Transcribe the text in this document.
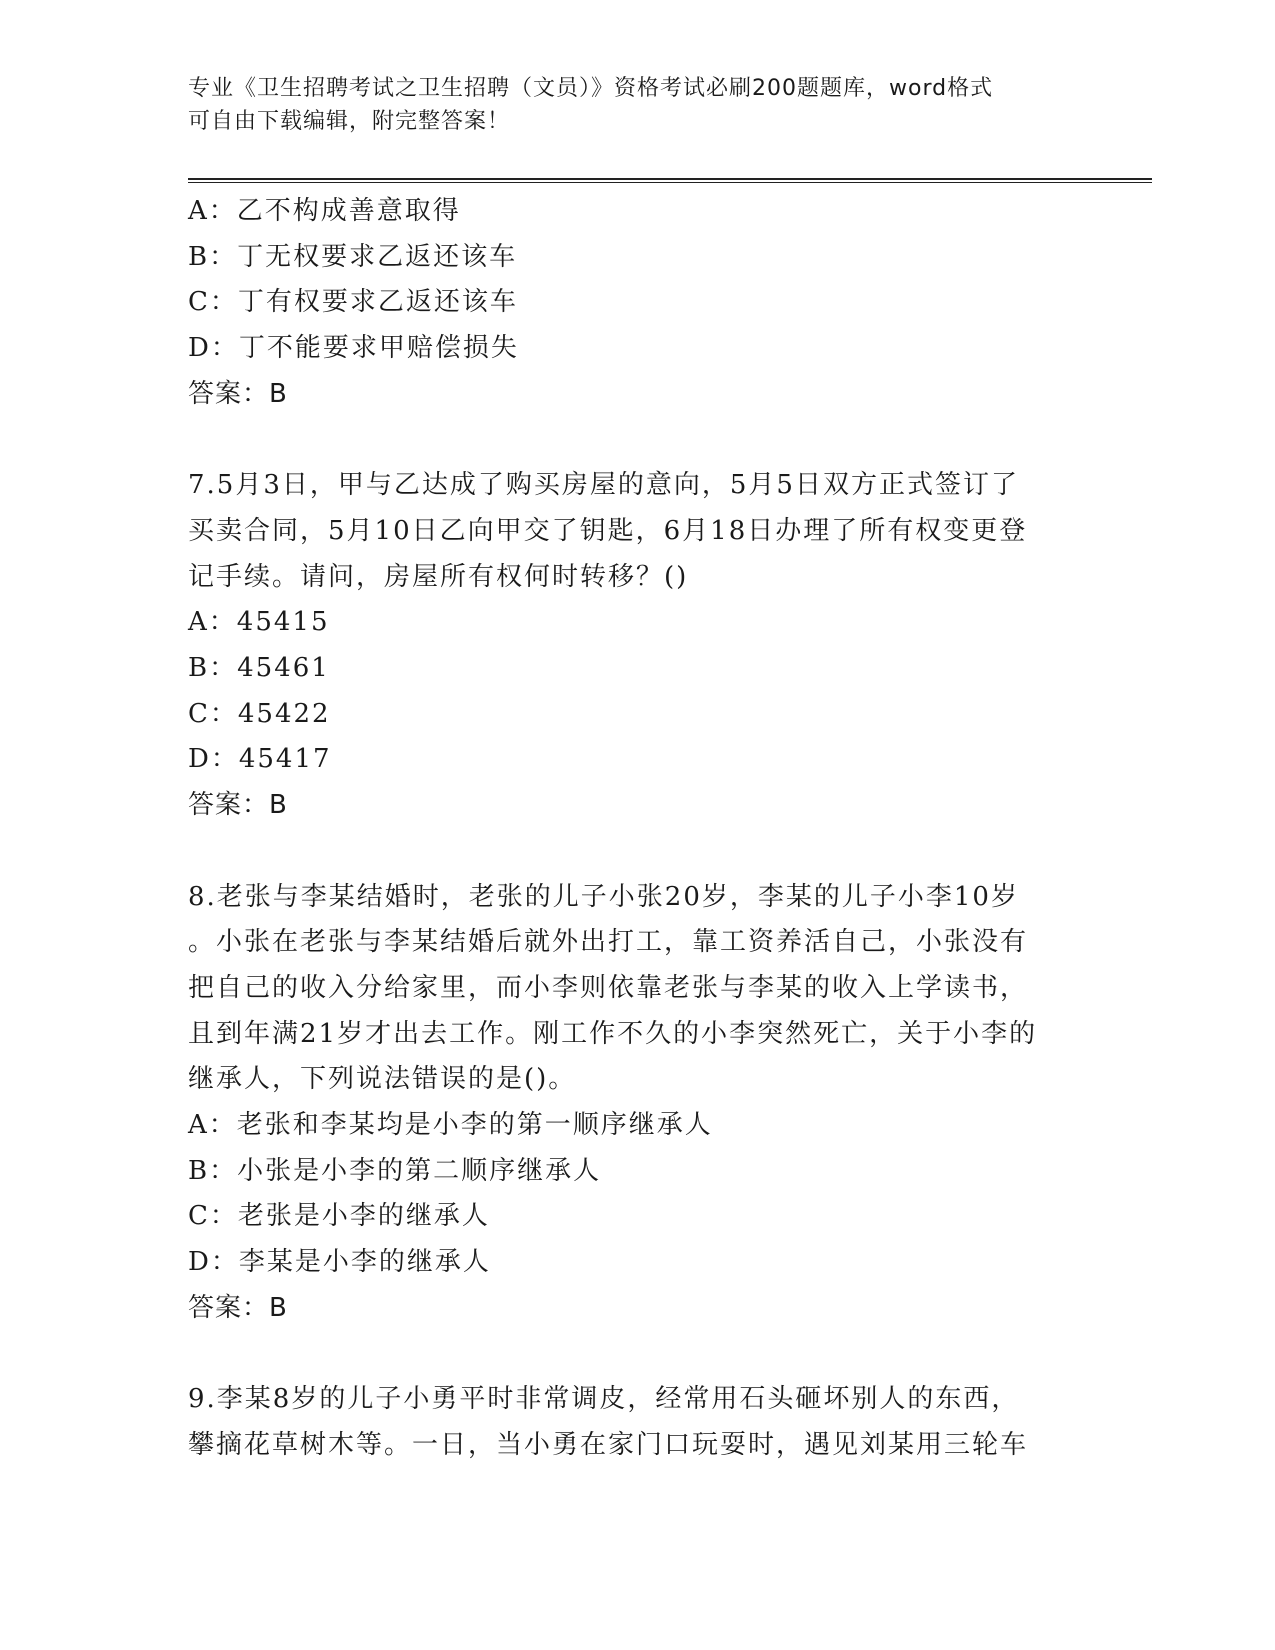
专业《卫生招聘考试之卫生招聘（文员）》资格考试必刷200题题库，word格式
可自由下载编辑，附完整答案！
A：乙不构成善意取得
B：丁无权要求乙返还该车
C：丁有权要求乙返还该车
D：丁不能要求甲赔偿损失
答案：B
7.5月3日，甲与乙达成了购买房屋的意向，5月5日双方正式签订了
买卖合同，5月10日乙向甲交了钥匙，6月18日办理了所有权变更登
记手续。请问，房屋所有权何时转移？()
A：45415
B：45461
C：45422
D：45417
答案：B
8.老张与李某结婚时，老张的儿子小张20岁，李某的儿子小李10岁
。小张在老张与李某结婚后就外出打工，靠工资养活自己，小张没有
把自己的收入分给家里，而小李则依靠老张与李某的收入上学读书，
且到年满21岁才出去工作。刚工作不久的小李突然死亡，关于小李的
继承人，下列说法错误的是()。
A：老张和李某均是小李的第一顺序继承人
B：小张是小李的第二顺序继承人
C：老张是小李的继承人
D：李某是小李的继承人
答案：B
9.李某8岁的儿子小勇平时非常调皮，经常用石头砸坏别人的东西，
攀摘花草树木等。一日，当小勇在家门口玩耍时，遇见刘某用三轮车
